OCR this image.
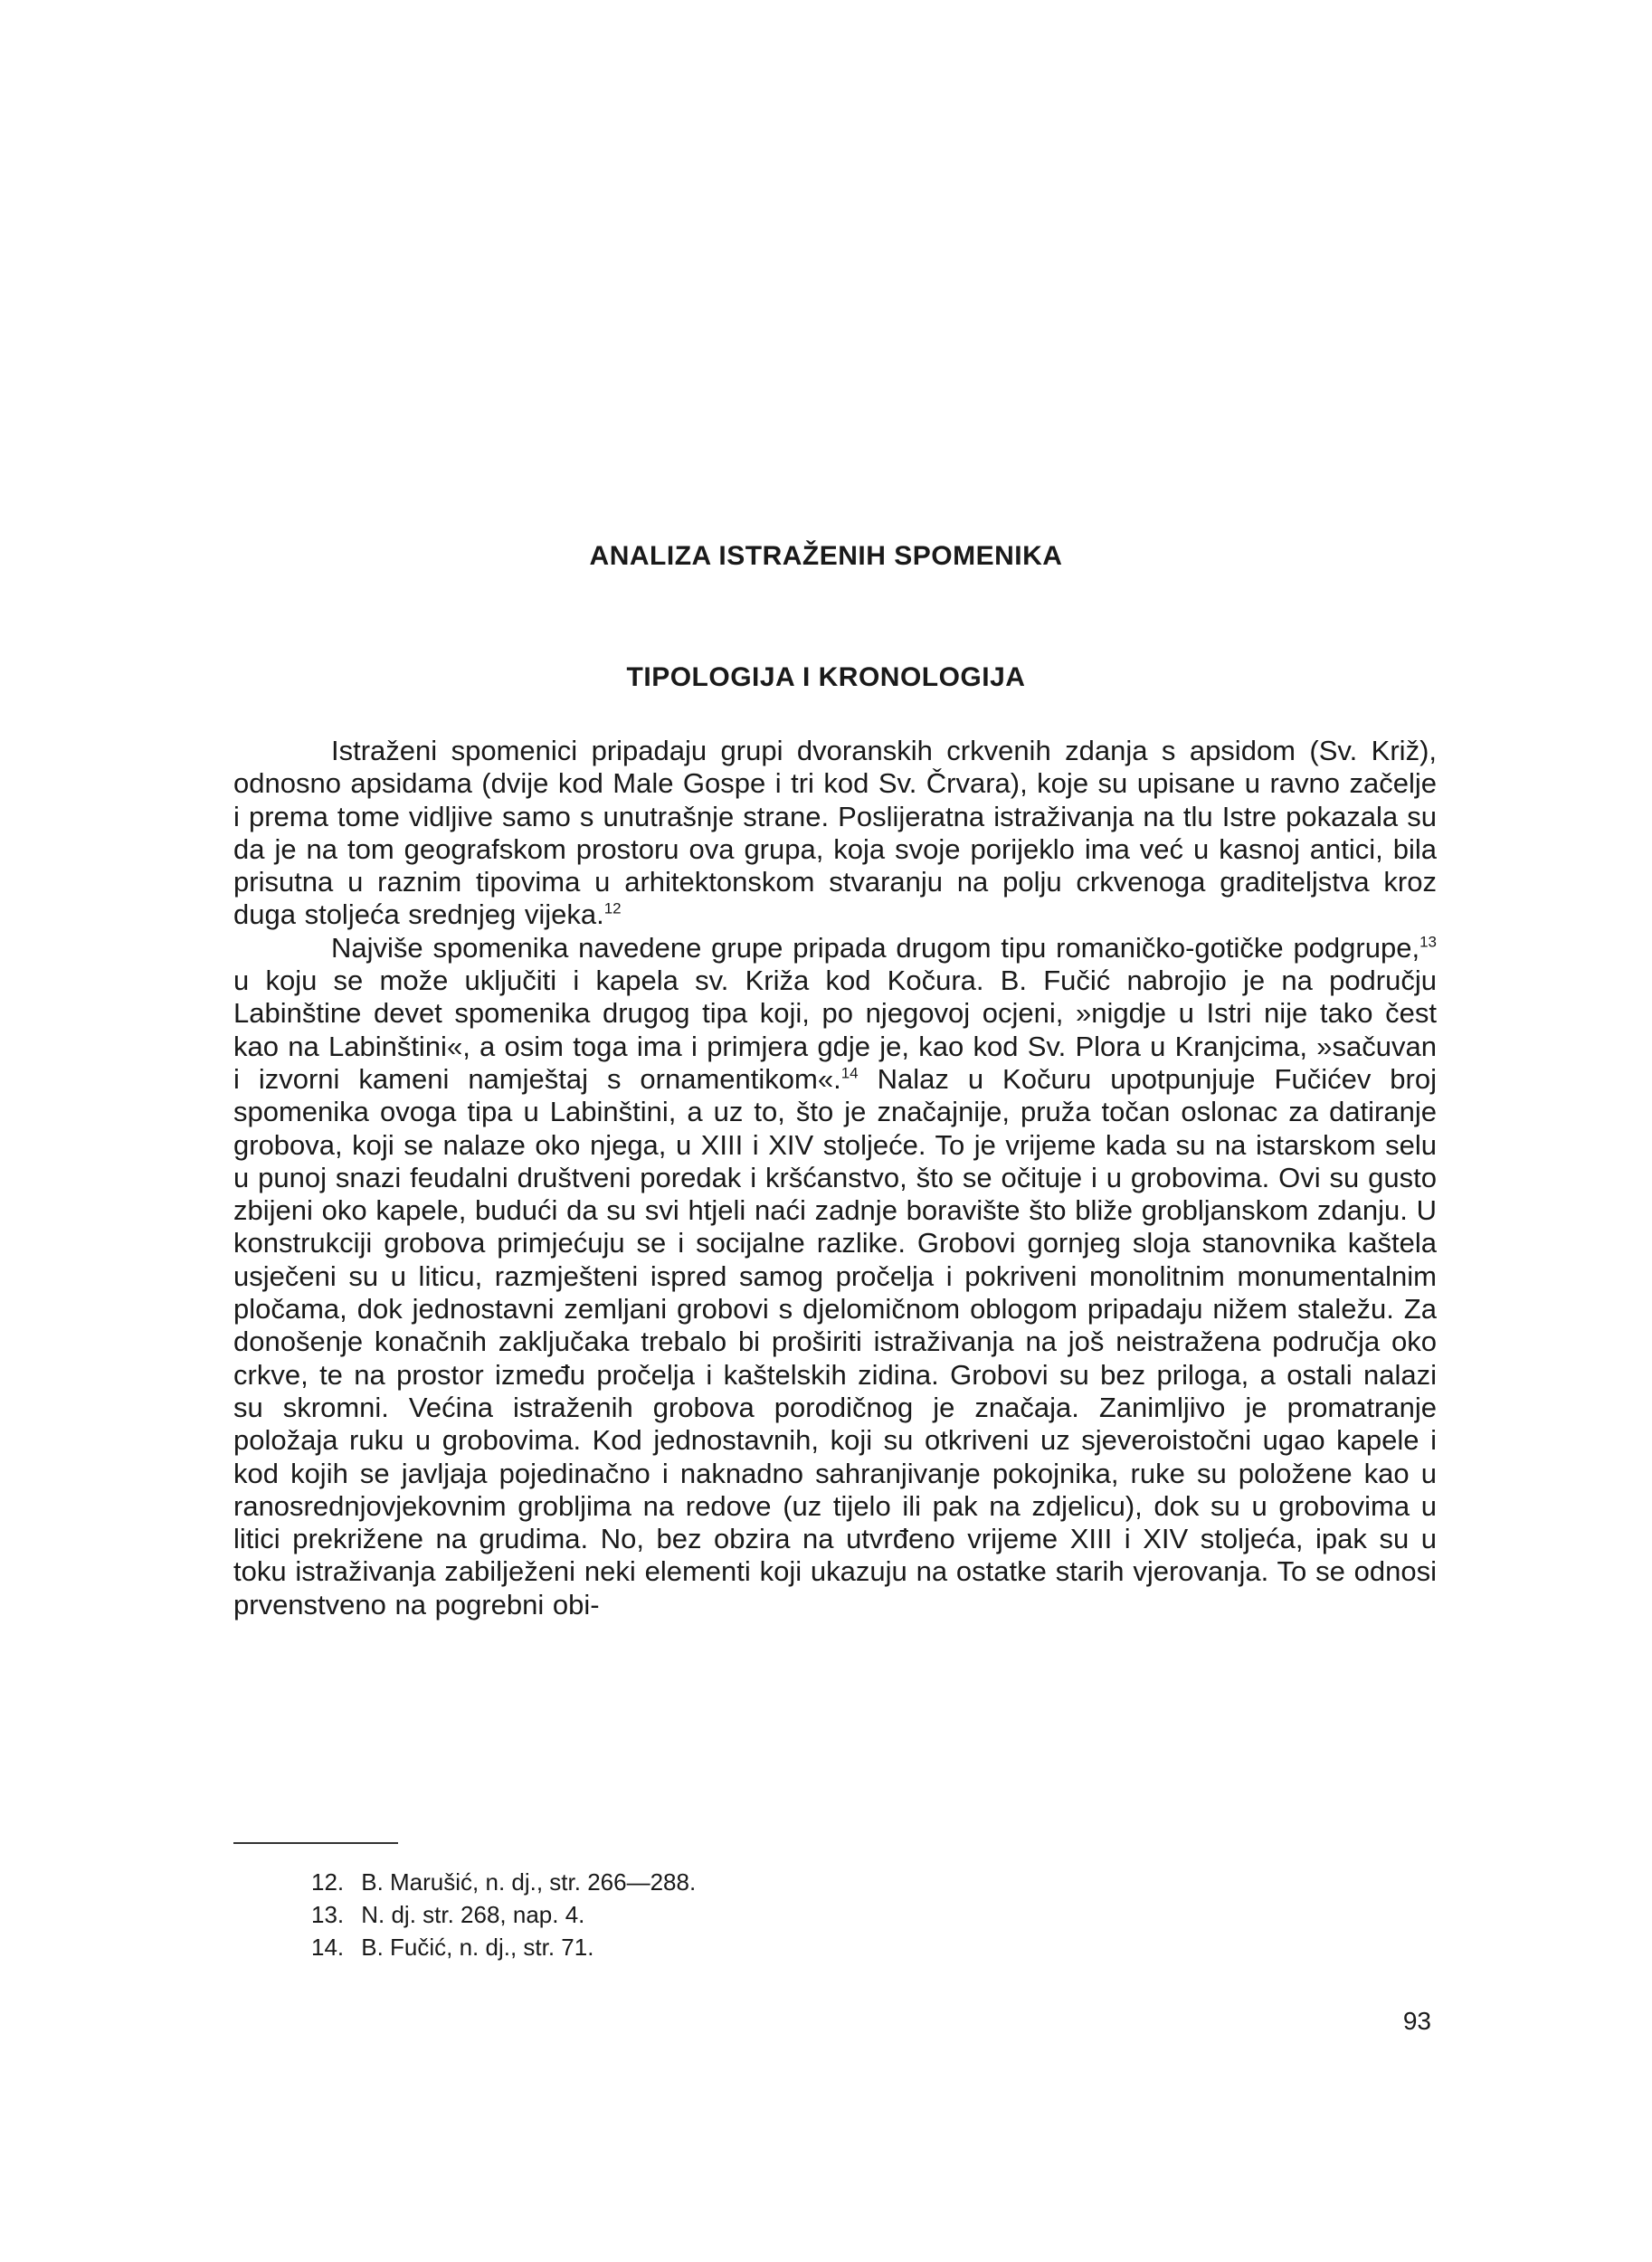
ANALIZA ISTRAŽENIH SPOMENIKA
TIPOLOGIJA I KRONOLOGIJA

Istraženi spomenici pripadaju grupi dvoranskih crkvenih zdanja s apsidom (Sv. Križ), odnosno apsidama (dvije kod Male Gospe i tri kod Sv. Črvara), koje su upisane u ravno začelje i prema tome vidljive samo s unutrašnje strane. Poslijeratna istraživanja na tlu Istre pokazala su da je na tom geografskom prostoru ova grupa, koja svoje porijeklo ima već u kasnoj antici, bila prisutna u raznim tipovima u arhitektonskom stvaranju na polju crkvenoga graditeljstva kroz duga stoljeća srednjeg vijeka.$^{12}$

Najviše spomenika navedene grupe pripada drugom tipu romaničko-gotičke podgrupe,$^{13}$ u koju se može uključiti i kapela sv. Križa kod Kočura. B. Fučić nabrojio je na području Labinštine devet spomenika drugog tipa koji, po njegovoj ocjeni, »nigdje u Istri nije tako čest kao na Labinštini«, a osim toga ima i primjera gdje je, kao kod Sv. Plora u Kranjcima, »sačuvan i izvorni kameni namještaj s ornamentikom«.$^{14}$ Nalaz u Kočuru upotpunjuje Fučićev broj spomenika ovoga tipa u Labinštini, a uz to, što je značajnije, pruža točan oslonac za datiranje grobova, koji se nalaze oko njega, u XIII i XIV stoljeće. To je vrijeme kada su na istarskom selu u punoj snazi feudalni društveni poredak i kršćanstvo, što se očituje i u grobovima. Ovi su gusto zbijeni oko kapele, budući da su svi htjeli naći zadnje boravište što bliže grobljanskom zdanju. U konstrukciji grobova primjećuju se i socijalne razlike. Grobovi gornjeg sloja stanovnika kaštela usječeni su u liticu, razmješteni ispred samog pročelja i pokriveni monolitnim monumentalnim pločama, dok jednostavni zemljani grobovi s djelomičnom oblogom pripadaju nižem staležu. Za donošenje konačnih zaključaka trebalo bi proširiti istraživanja na još neistražena područja oko crkve, te na prostor između pročelja i kaštelskih zidina. Grobovi su bez priloga, a ostali nalazi su skromni. Većina istraženih grobova porodičnog je značaja. Zanimljivo je promatranje položaja ruku u grobovima. Kod jednostavnih, koji su otkriveni uz sjeveroistočni ugao kapele i kod kojih se javljaja pojedinačno i naknadno sahranjivanje pokojnika, ruke su položene kao u ranosrednjovjekovnim grobljima na redove (uz tijelo ili pak na zdjelicu), dok su u grobovima u litici prekrižene na grudima. No, bez obzira na utvrđeno vrijeme XIII i XIV stoljeća, ipak su u toku istraživanja zabilježeni neki elementi koji ukazuju na ostatke starih vjerovanja. To se odnosi prvenstveno na pogrebni obi-

12. B. Marušić, n. dj., str. 266—288.
13. N. dj. str. 268, nap. 4.
14. B. Fučić, n. dj., str. 71.
93
